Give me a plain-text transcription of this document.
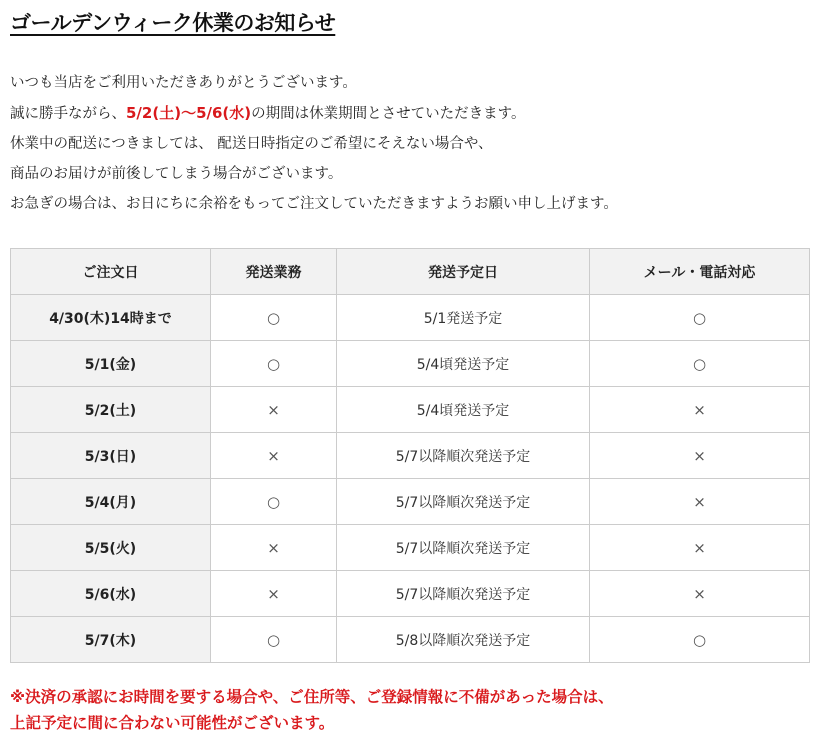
ゴールデンウィーク休業のお知らせ

いつも当店をご利用いただきありがとうございます。

誠に勝手ながら、5/2(土)〜5/6(水)の期間は休業期間とさせていただきます。

休業中の配送につきましては、 配送日時指定のご希望にそえない場合や、

商品のお届けが前後してしまう場合がございます。

お急ぎの場合は、お日にちに余裕をもってご注文していただきますようお願い申し上げます。

ご注文日	発送業務	発送予定日	メール・電話対応
4/30(木)14時まで	○	5/1発送予定	○
5/1(金)	○	5/4頃発送予定	○
5/2(土)	×	5/4頃発送予定	×
5/3(日)	×	5/7以降順次発送予定	×
5/4(月)	○	5/7以降順次発送予定	×
5/5(火)	×	5/7以降順次発送予定	×
5/6(水)	×	5/7以降順次発送予定	×
5/7(木)	○	5/8以降順次発送予定	○

※決済の承認にお時間を要する場合や、ご住所等、ご登録情報に不備があった場合は、

上記予定に間に合わない可能性がございます。
